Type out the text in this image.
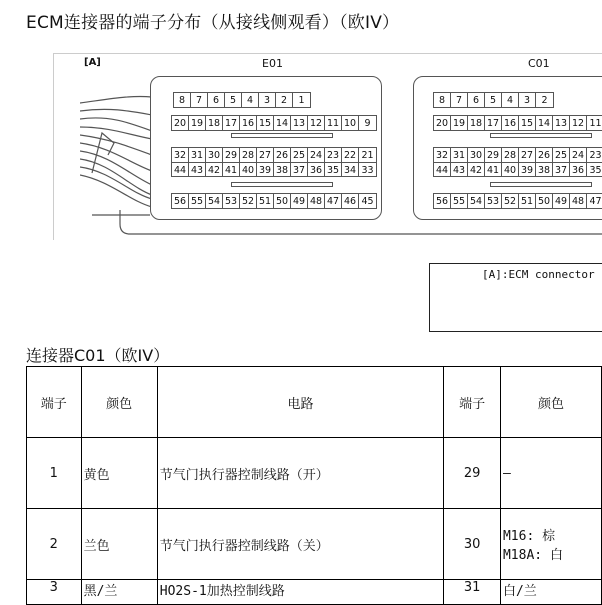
ECM连接器的端子分布（从接线侧观看）（欧IV）
[A]	E01	C01
8	7	6	5	4	3	2	1
20 19 18 17 16 15 14 13 12 11 10 9
32 31 30 29 28 27 26 25 24 23 22 21
44 43 42 41 40 39 38 37 36 35 34 33
56 55 54 53 52 51 50 49 48 47 46 45
8	7	6	5	4	3	2
20 19 18 17 16 15 14 13 12 11
32 31 30 29 28 27 26 25 24 23
44 43 42 41 40 39 38 37 36 35
56 55 54 53 52 51 50 49 48 47
[A]:ECM connector
连接器C01（欧IV）
端子	颜色	电路	端子	颜色
1	黄色	节气门执行器控制线路（开）	29	—
2	兰色	节气门执行器控制线路（关）	30	M16: 棕
M18A: 白
3	黑/兰	HO2S-1加热控制线路	31	白/兰
